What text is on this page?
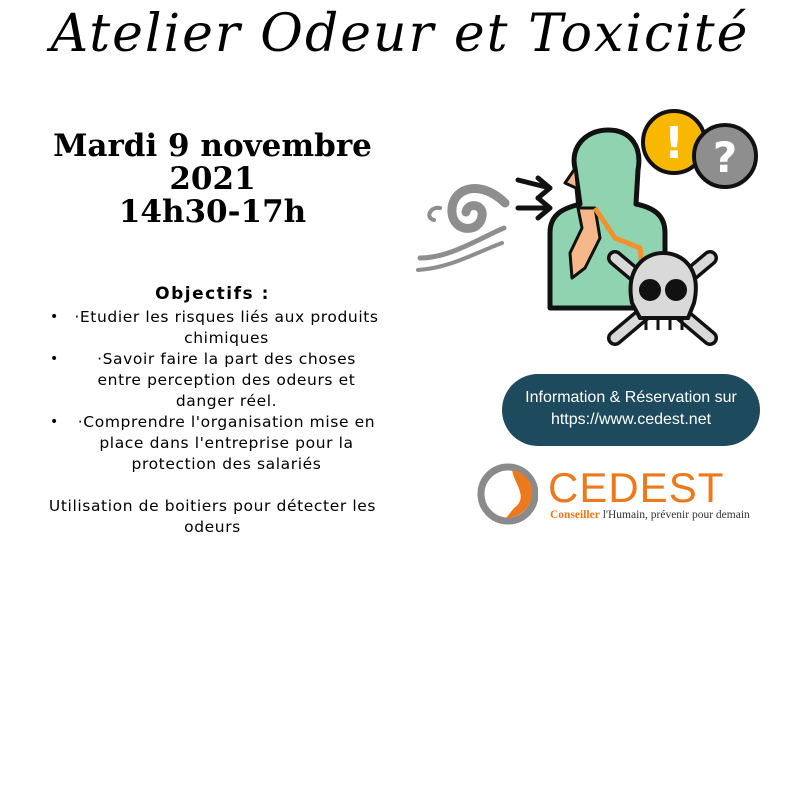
Atelier Odeur et Toxicité
Mardi 9 novembre
2021
14h30-17h
Objectifs :
• ·Etudier les risques liés aux produits chimiques
• ·Savoir faire la part des choses entre perception des odeurs et danger réel.
• ·Comprendre l'organisation mise en place dans l'entreprise pour la protection des salariés
Utilisation de boitiers pour détecter les odeurs
! ?
Information & Réservation sur
https://www.cedest.net
CEDEST
Conseiller l'Humain, prévenir pour demain
